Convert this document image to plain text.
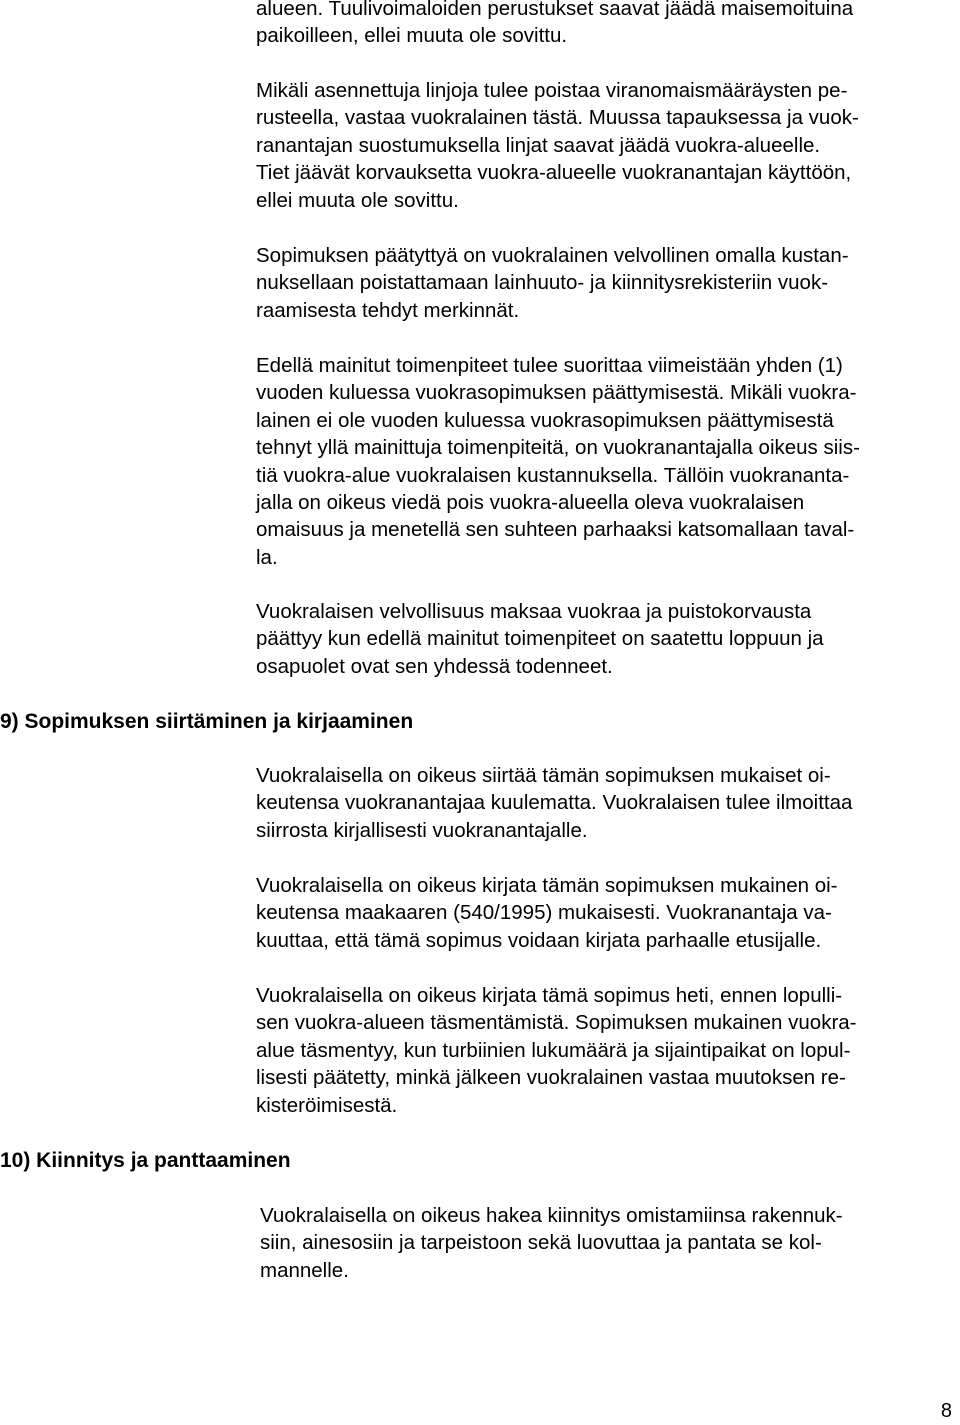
alueen. Tuulivoimaloiden perustukset saavat jäädä maisemoituina
paikoilleen, ellei muuta ole sovittu.
Mikäli asennettuja linjoja tulee poistaa viranomaismääräysten pe-
rusteella, vastaa vuokralainen tästä. Muussa tapauksessa ja vuok-
ranantajan suostumuksella linjat saavat jäädä vuokra-alueelle.
Tiet jäävät korvauksetta vuokra-alueelle vuokranantajan käyttöön,
ellei muuta ole sovittu.
Sopimuksen päätyttyä on vuokralainen velvollinen omalla kustan-
nuksellaan poistattamaan lainhuuto- ja kiinnitysrekisteriin vuok-
raamisesta tehdyt merkinnät.
Edellä mainitut toimenpiteet tulee suorittaa viimeistään yhden (1)
vuoden kuluessa vuokrasopimuksen päättymisestä. Mikäli vuokra-
lainen ei ole vuoden kuluessa vuokrasopimuksen päättymisestä
tehnyt yllä mainittuja toimenpiteitä, on vuokranantajalla oikeus siis-
tiä vuokra-alue vuokralaisen kustannuksella. Tällöin vuokrananta-
jalla on oikeus viedä pois vuokra-alueella oleva vuokralaisen
omaisuus ja menetellä sen suhteen parhaaksi katsomallaan taval-
la.
Vuokralaisen velvollisuus maksaa vuokraa ja puistokorvausta
päättyy kun edellä mainitut toimenpiteet on saatettu loppuun ja
osapuolet ovat sen yhdessä todenneet.
9) Sopimuksen siirtäminen ja kirjaaminen
Vuokralaisella on oikeus siirtää tämän sopimuksen mukaiset oi-
keutensa vuokranantajaa kuulematta. Vuokralaisen tulee ilmoittaa
siirrosta kirjallisesti vuokranantajalle.
Vuokralaisella on oikeus kirjata tämän sopimuksen mukainen oi-
keutensa maakaaren (540/1995) mukaisesti. Vuokranantaja va-
kuuttaa, että tämä sopimus voidaan kirjata parhaalle etusijalle.
Vuokralaisella on oikeus kirjata tämä sopimus heti, ennen lopulli-
sen vuokra-alueen täsmentämistä. Sopimuksen mukainen vuokra-
alue täsmentyy, kun turbiinien lukumäärä ja sijaintipaikat on lopul-
lisesti päätetty, minkä jälkeen vuokralainen vastaa muutoksen re-
kisteröimisestä.
10) Kiinnitys ja panttaaminen
Vuokralaisella on oikeus hakea kiinnitys omistamiinsa rakennuk-
siin, ainesosiin ja tarpeistoon sekä luovuttaa ja pantata se kol-
mannelle.
8
